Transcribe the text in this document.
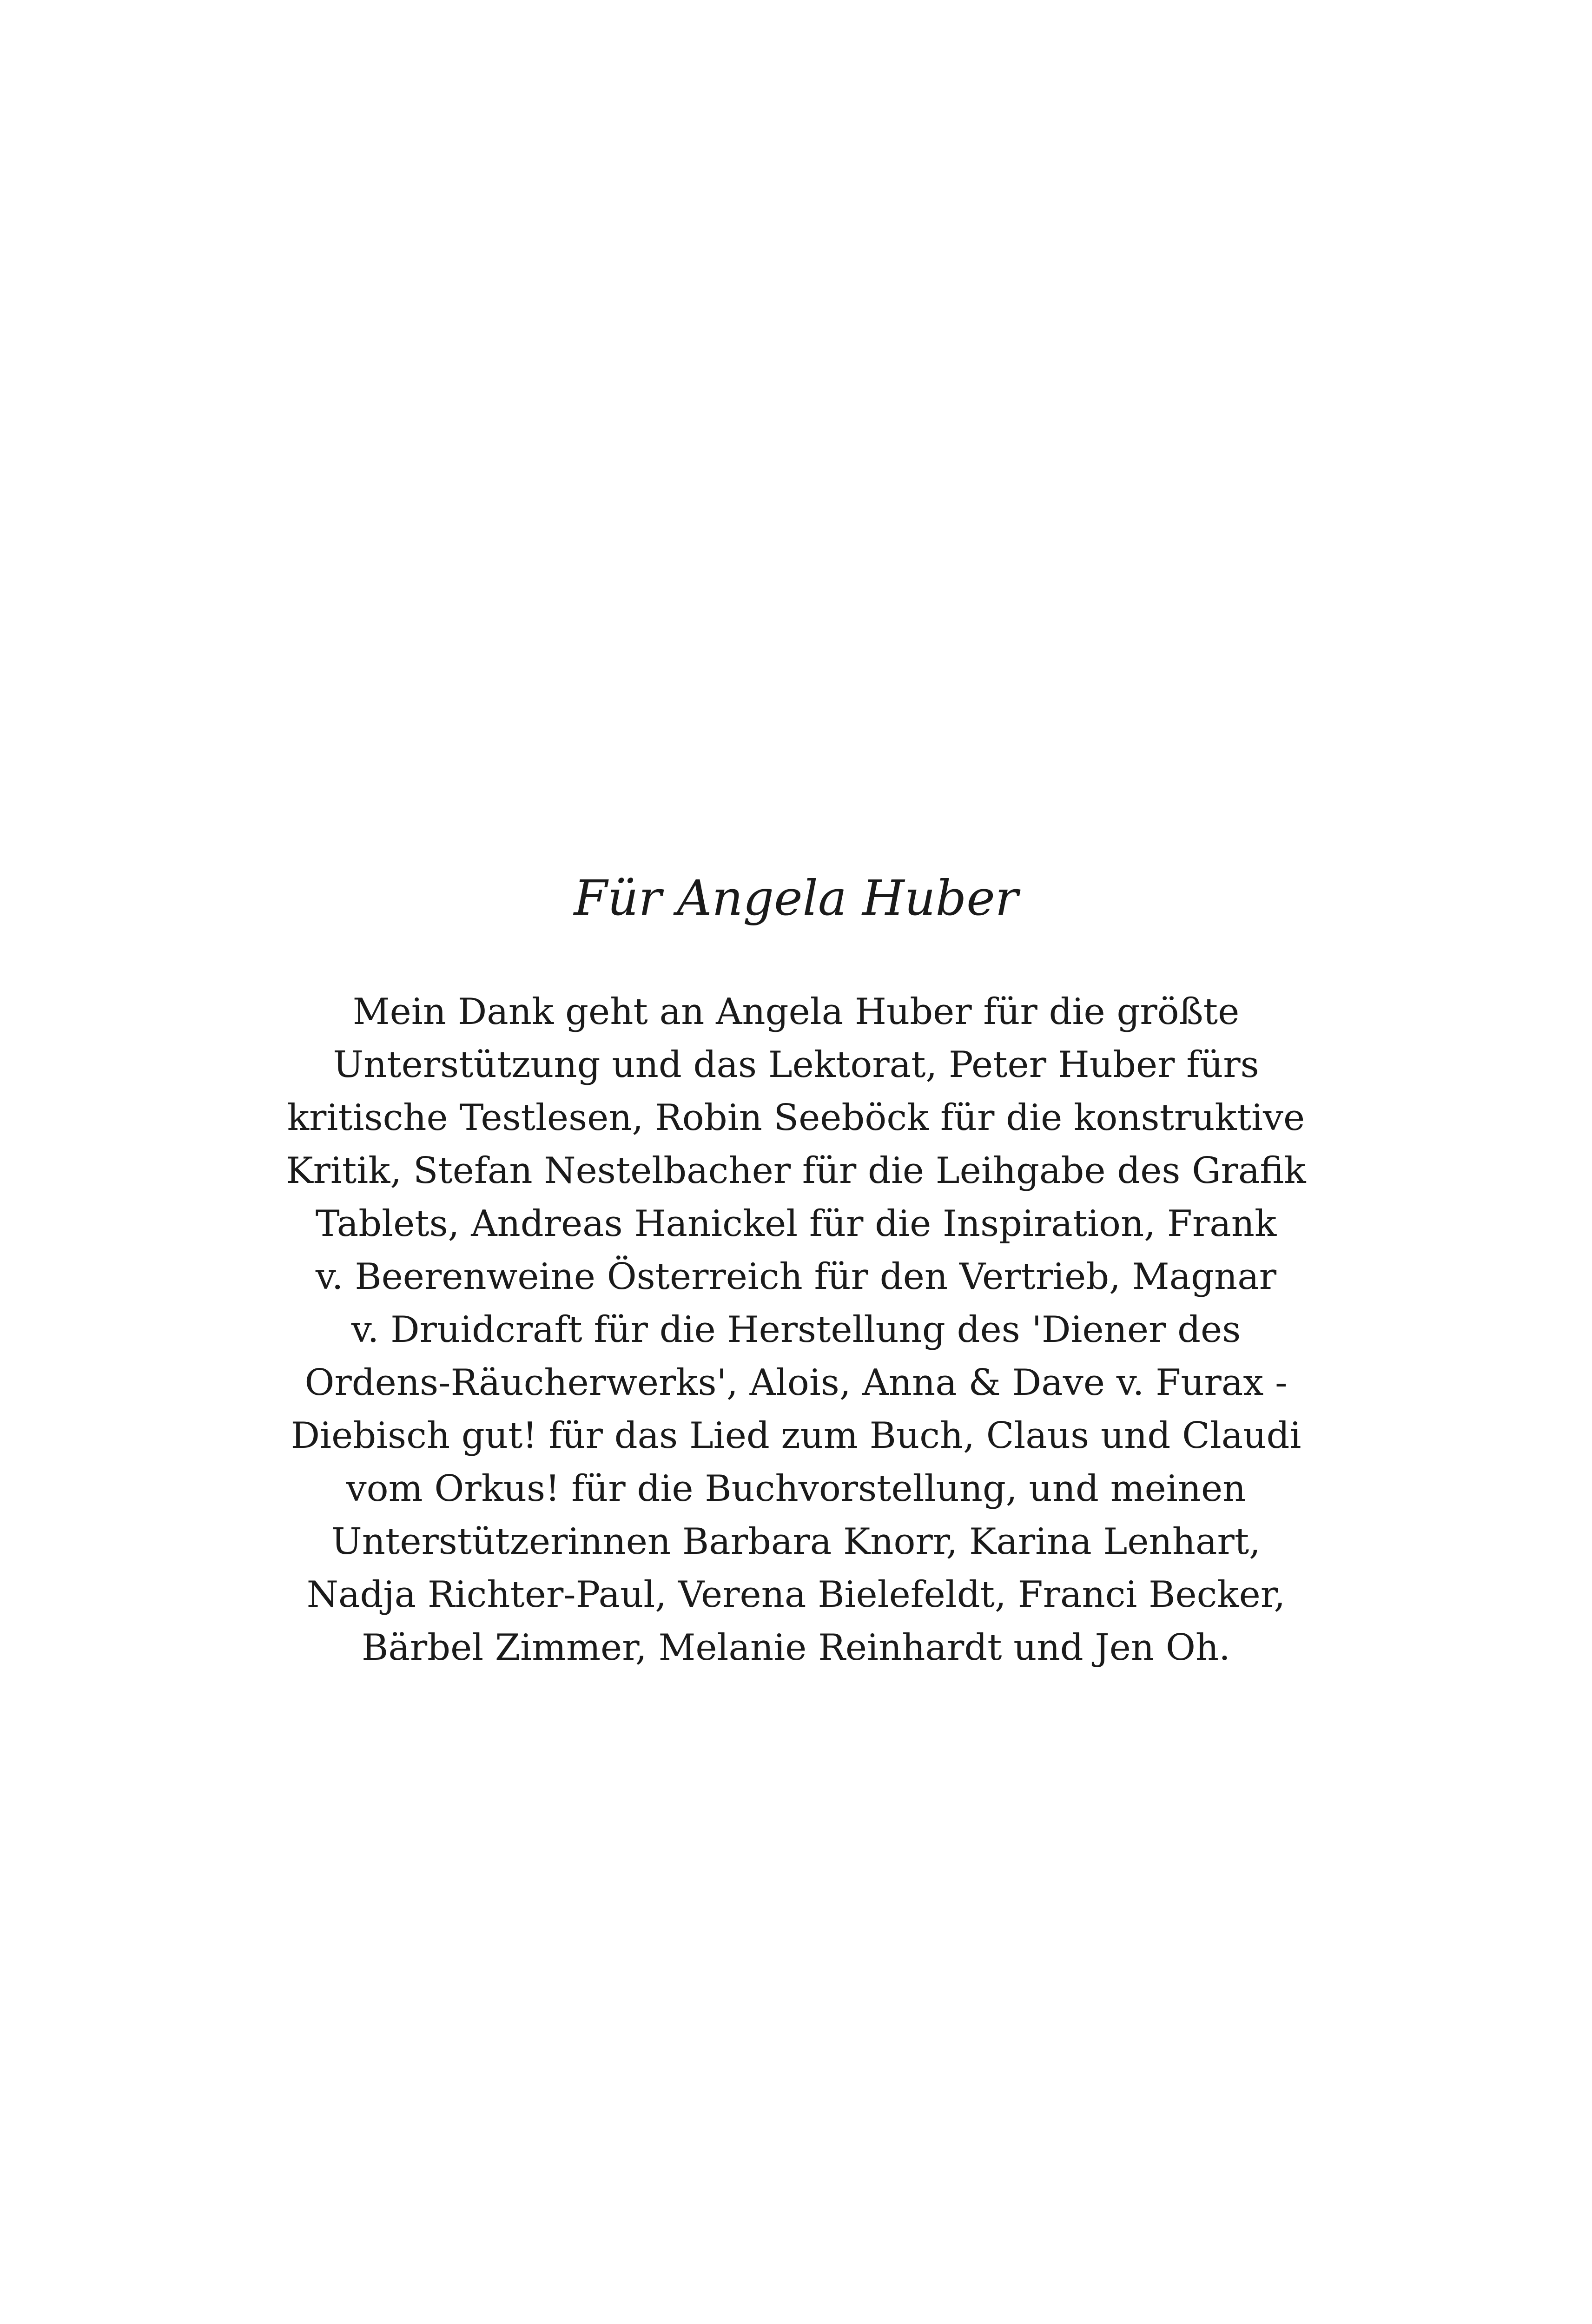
Für Angela Huber
Mein Dank geht an Angela Huber für die größte
Unterstützung und das Lektorat, Peter Huber fürs
kritische Testlesen, Robin Seeböck für die konstruktive
Kritik, Stefan Nestelbacher für die Leihgabe des Grafik
Tablets, Andreas Hanickel für die Inspiration, Frank
v. Beerenweine Österreich für den Vertrieb, Magnar
v. Druidcraft für die Herstellung des 'Diener des
Ordens-Räucherwerks', Alois, Anna & Dave v. Furax -
Diebisch gut! für das Lied zum Buch, Claus und Claudi
vom Orkus! für die Buchvorstellung, und meinen
Unterstützerinnen Barbara Knorr, Karina Lenhart,
Nadja Richter-Paul, Verena Bielefeldt, Franci Becker,
Bärbel Zimmer, Melanie Reinhardt und Jen Oh.
